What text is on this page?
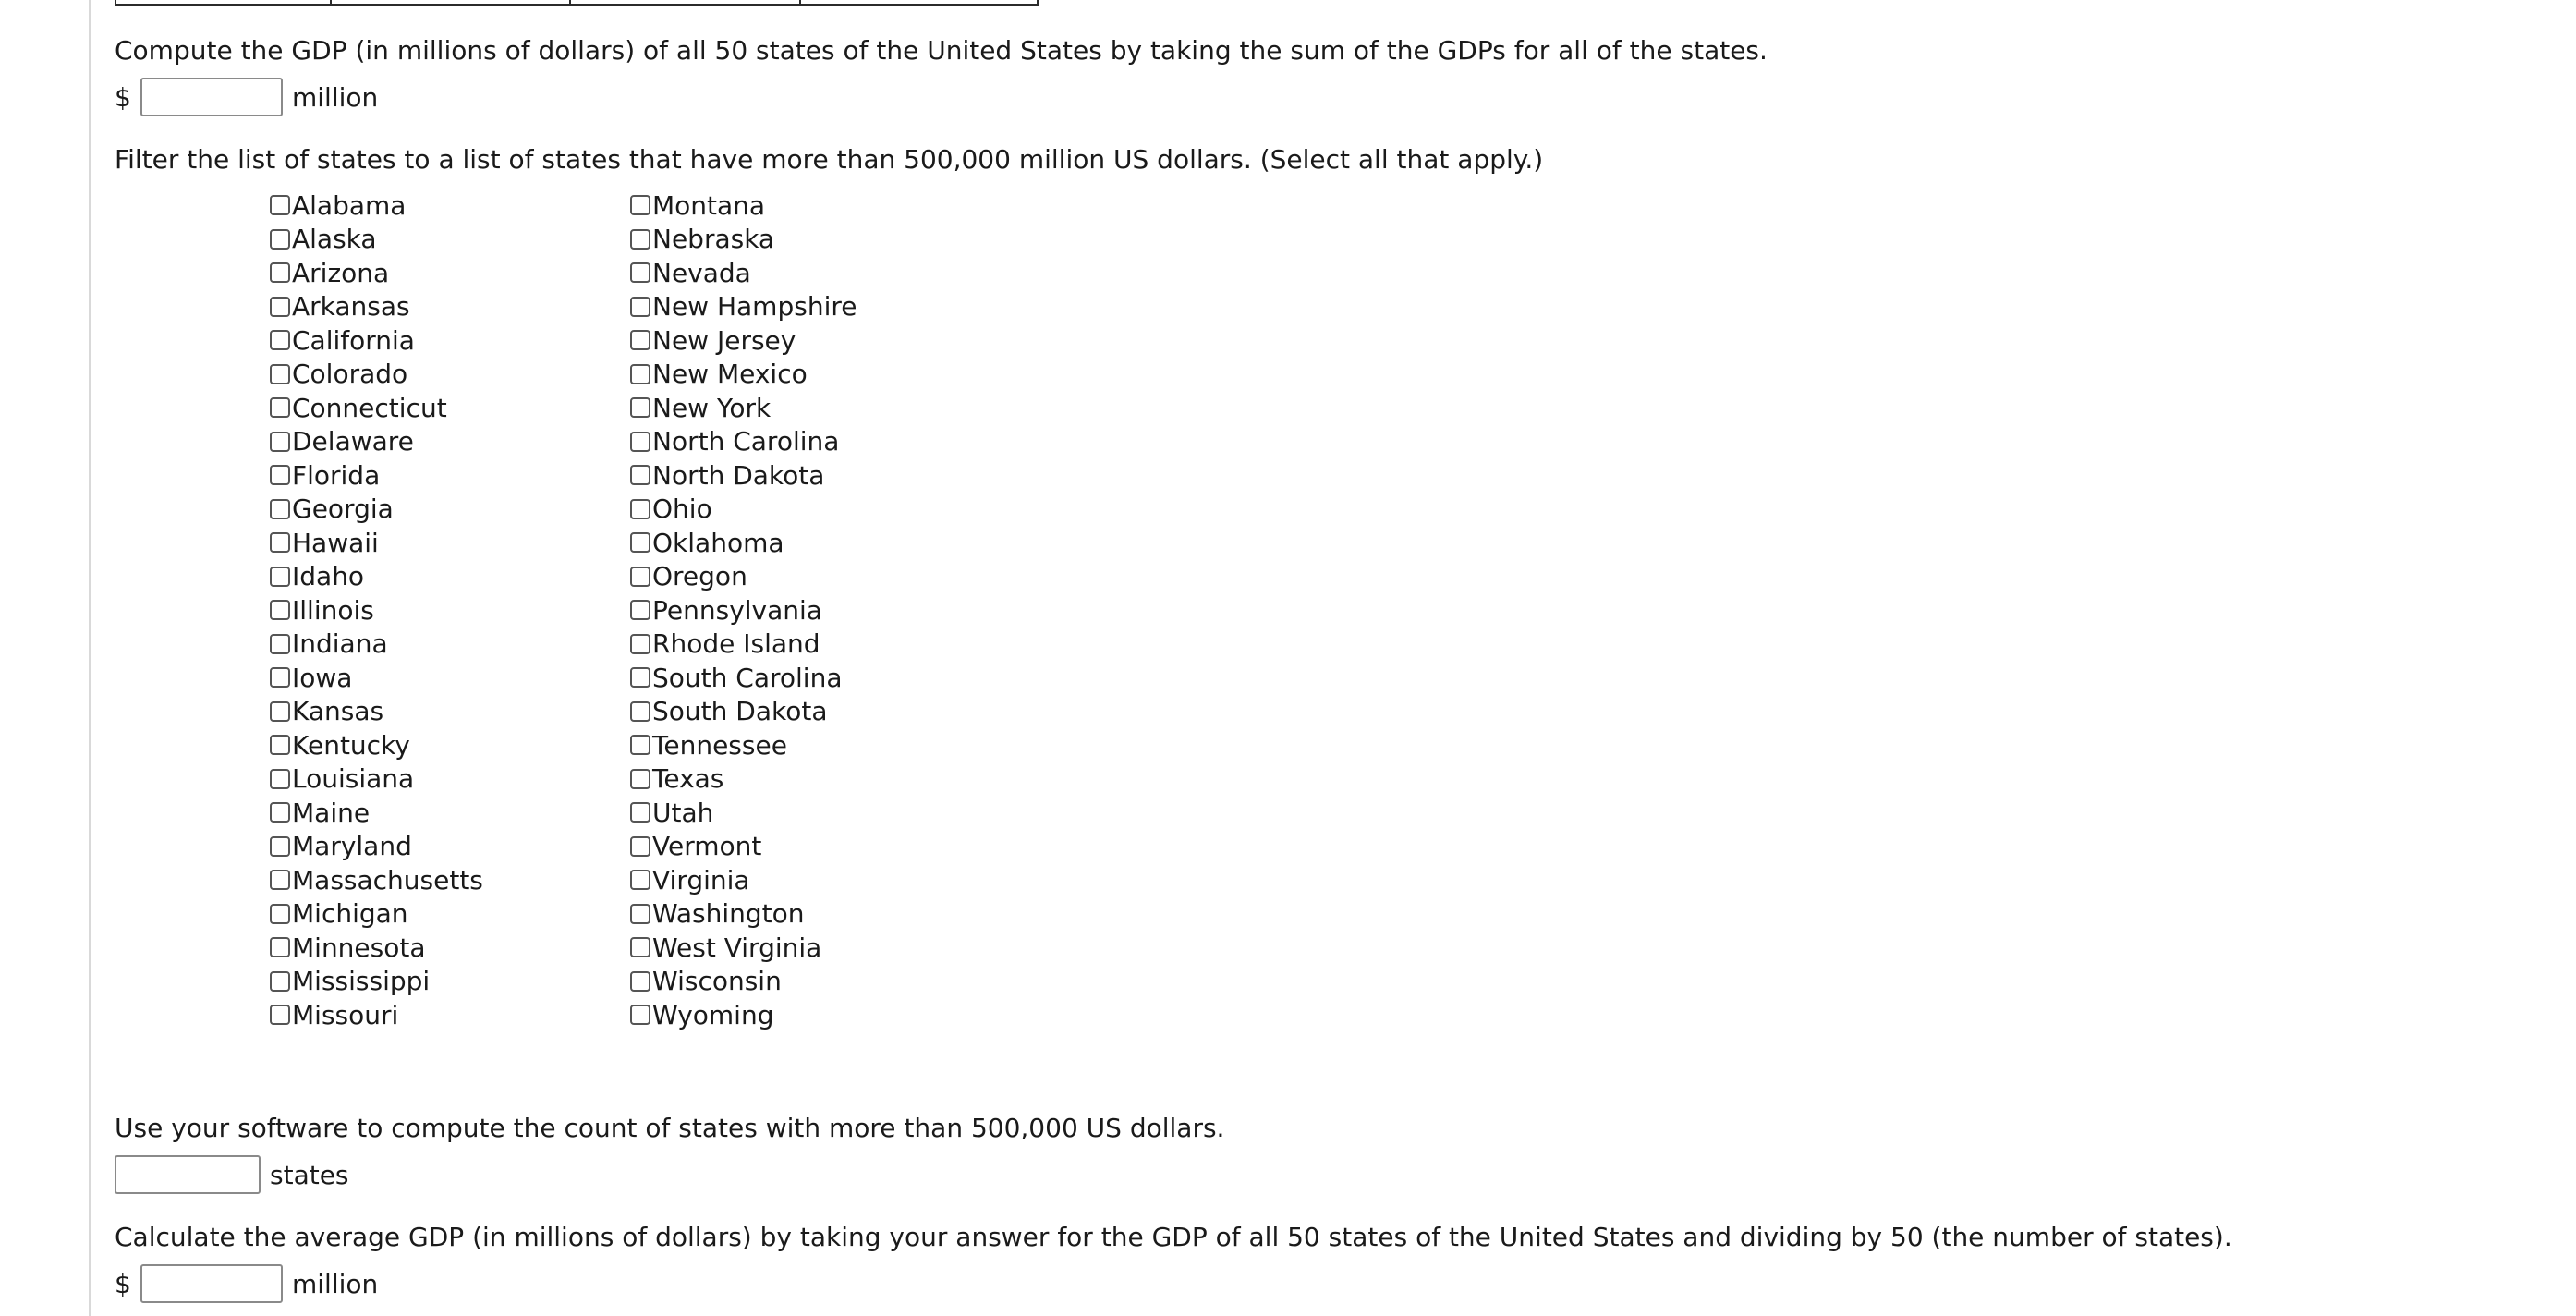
Compute the GDP (in millions of dollars) of all 50 states of the United States by taking the sum of the GDPs for all of the states.
$	million
Filter the list of states to a list of states that have more than 500,000 million US dollars. (Select all that apply.)
Alabama
Alaska
Arizona
Arkansas
California
Colorado
Connecticut
Delaware
Florida
Georgia
Hawaii
Idaho
Illinois
Indiana
Iowa
Kansas
Kentucky
Louisiana
Maine
Maryland
Massachusetts
Michigan
Minnesota
Mississippi
Missouri
Montana
Nebraska
Nevada
New Hampshire
New Jersey
New Mexico
New York
North Carolina
North Dakota
Ohio
Oklahoma
Oregon
Pennsylvania
Rhode Island
South Carolina
South Dakota
Tennessee
Texas
Utah
Vermont
Virginia
Washington
West Virginia
Wisconsin
Wyoming
Use your software to compute the count of states with more than 500,000 US dollars.
states
Calculate the average GDP (in millions of dollars) by taking your answer for the GDP of all 50 states of the United States and dividing by 50 (the number of states).
$	million
